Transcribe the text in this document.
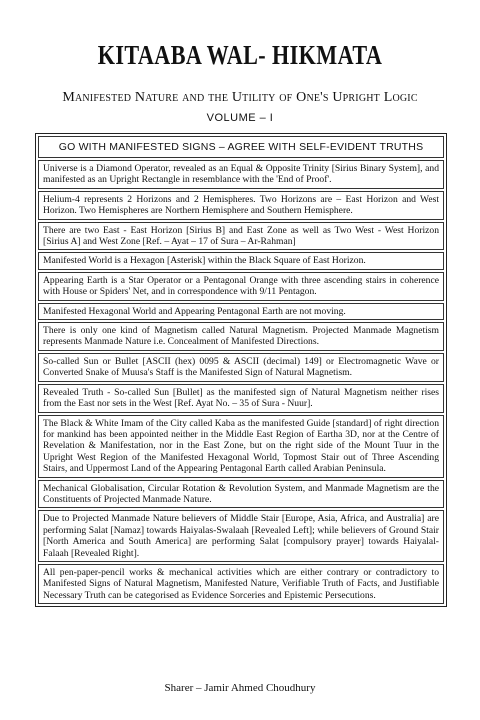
KITAABA WAL- HIKMATA
Manifested Nature and the Utility of One's Upright Logic
VOLUME – I
GO WITH MANIFESTED SIGNS – AGREE WITH SELF-EVIDENT TRUTHS
Universe is a Diamond Operator, revealed as an Equal & Opposite Trinity [Sirius Binary System], and manifested as an Upright Rectangle in resemblance with the 'End of Proof'.
Helium-4 represents 2 Horizons and 2 Hemispheres. Two Horizons are – East Horizon and West Horizon. Two Hemispheres are Northern Hemisphere and Southern Hemisphere.
There are two East - East Horizon [Sirius B] and East Zone as well as Two West - West Horizon [Sirius A] and West Zone [Ref. – Ayat – 17 of Sura – Ar-Rahman]
Manifested World is a Hexagon [Asterisk] within the Black Square of East Horizon.
Appearing Earth is a Star Operator or a Pentagonal Orange with three ascending stairs in coherence with House or Spiders' Net, and in correspondence with 9/11 Pentagon.
Manifested Hexagonal World and Appearing Pentagonal Earth are not moving.
There is only one kind of Magnetism called Natural Magnetism. Projected Manmade Magnetism represents Manmade Nature i.e. Concealment of Manifested Directions.
So-called Sun or Bullet [ASCII (hex) 0095 & ASCII (decimal) 149] or Electromagnetic Wave or Converted Snake of Muusa's Staff is the Manifested Sign of Natural Magnetism.
Revealed Truth - So-called Sun [Bullet] as the manifested sign of Natural Magnetism neither rises from the East nor sets in the West [Ref. Ayat No. – 35 of Sura - Nuur].
The Black & White Imam of the City called Kaba as the manifested Guide [standard] of right direction for mankind has been appointed neither in the Middle East Region of Eartha 3D, nor at the Centre of Revelation & Manifestation, nor in the East Zone, but on the right side of the Mount Tuur in the Upright West Region of the Manifested Hexagonal World, Topmost Stair out of Three Ascending Stairs, and Uppermost Land of the Appearing Pentagonal Earth called Arabian Peninsula.
Mechanical Globalisation, Circular Rotation & Revolution System, and Manmade Magnetism are the Constituents of Projected Manmade Nature.
Due to Projected Manmade Nature believers of Middle Stair [Europe, Asia, Africa, and Australia] are performing Salat [Namaz] towards Haiyalas-Swalaah [Revealed Left]; while believers of Ground Stair [North America and South America] are performing Salat [compulsory prayer] towards Haiyalal-Falaah [Revealed Right].
All pen-paper-pencil works & mechanical activities which are either contrary or contradictory to Manifested Signs of Natural Magnetism, Manifested Nature, Verifiable Truth of Facts, and Justifiable Necessary Truth can be categorised as Evidence Sorceries and Epistemic Persecutions.
Sharer – Jamir Ahmed Choudhury
